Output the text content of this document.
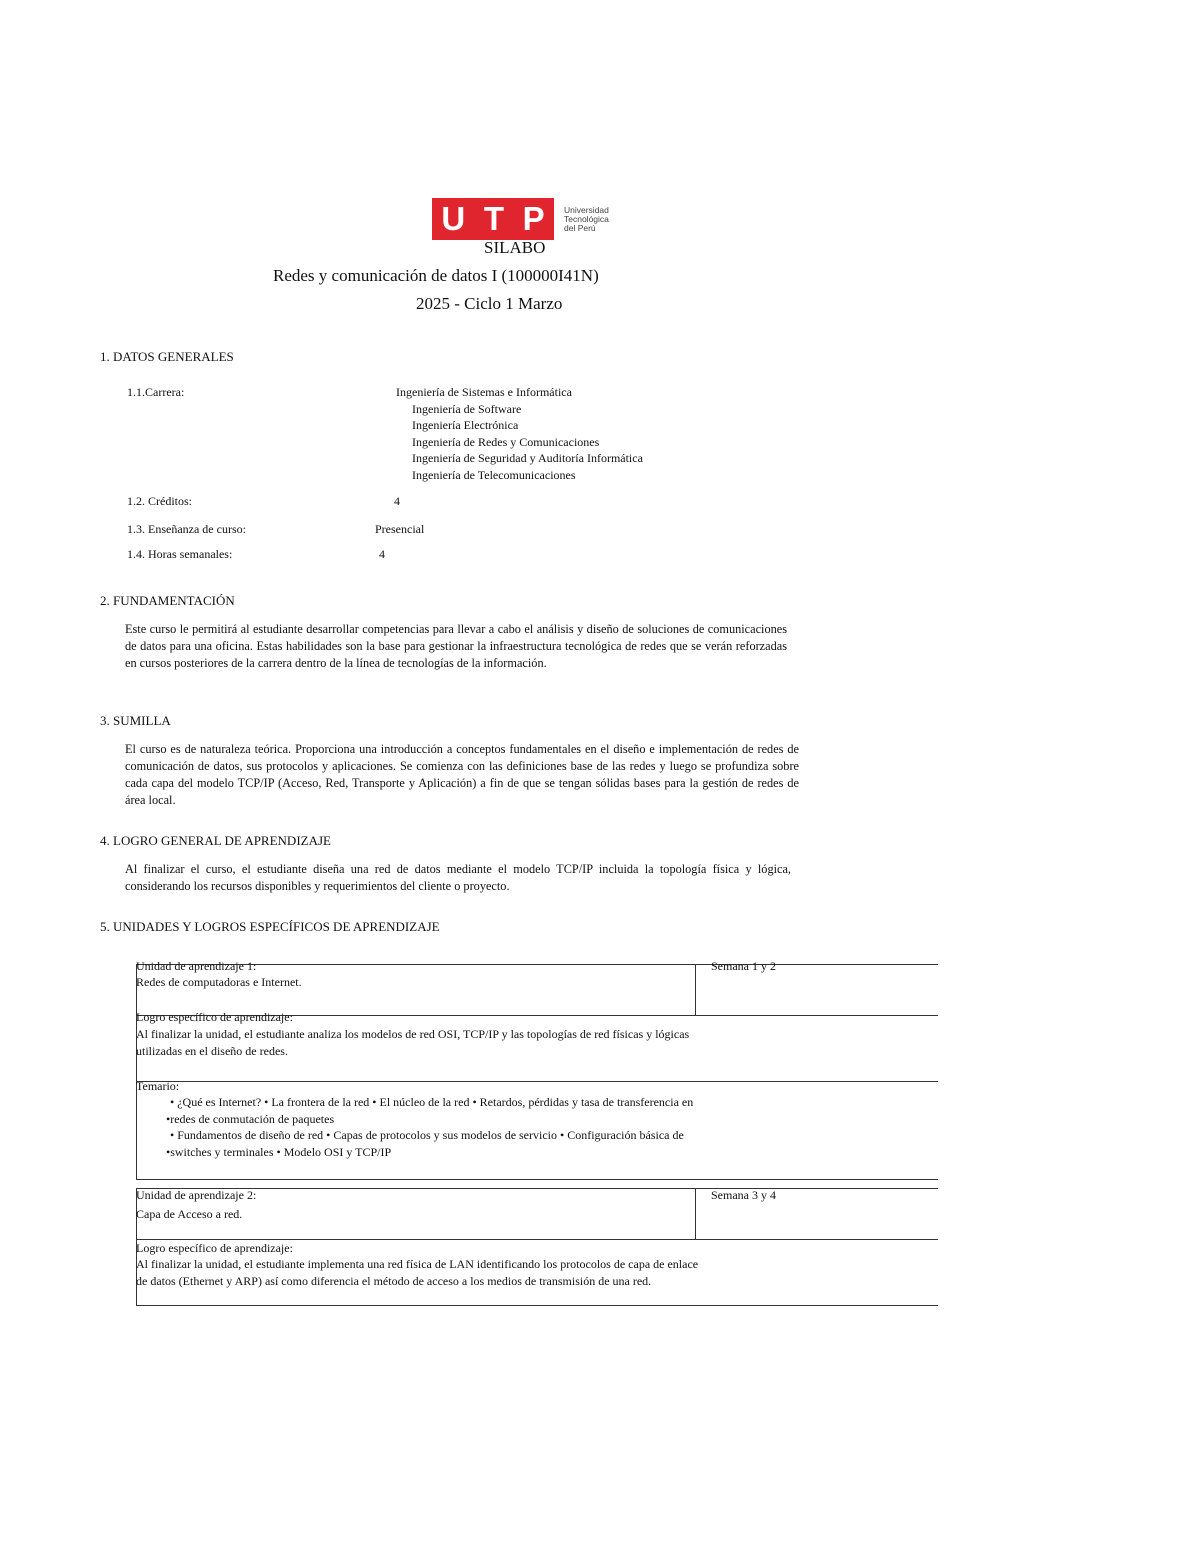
U T P Universidad
Tecnológica
del Perú
SILABO
Redes y comunicación de datos I (100000I41N)
2025 - Ciclo 1 Marzo
1. DATOS GENERALES
1.1.Carrera:	Ingeniería de Sistemas e Informática
Ingeniería de Software
Ingeniería Electrónica
Ingeniería de Redes y Comunicaciones
Ingeniería de Seguridad y Auditoría Informática
Ingeniería de Telecomunicaciones
1.2. Créditos:	4
1.3. Enseñanza de curso:	Presencial
1.4. Horas semanales:	4
2. FUNDAMENTACIÓN
Este curso le permitirá al estudiante desarrollar competencias para llevar a cabo el análisis y diseño de soluciones de comunicaciones de datos para una oficina. Estas habilidades son la base para gestionar la infraestructura tecnológica de redes que se verán reforzadas en cursos posteriores de la carrera dentro de la línea de tecnologías de la información.
3. SUMILLA
El curso es de naturaleza teórica. Proporciona una introducción a conceptos fundamentales en el diseño e implementación de redes de comunicación de datos, sus protocolos y aplicaciones. Se comienza con las definiciones base de las redes y luego se profundiza sobre cada capa del modelo TCP/IP (Acceso, Red, Transporte y Aplicación) a fin de que se tengan sólidas bases para la gestión de redes de área local.
4. LOGRO GENERAL DE APRENDIZAJE
Al finalizar el curso, el estudiante diseña una red de datos mediante el modelo TCP/IP incluida la topología física y lógica, considerando los recursos disponibles y requerimientos del cliente o proyecto.
5. UNIDADES Y LOGROS ESPECÍFICOS DE APRENDIZAJE
Unidad de aprendizaje 1:
Redes de computadoras e Internet.
Semana 1 y 2
Logro específico de aprendizaje:
Al finalizar la unidad, el estudiante analiza los modelos de red OSI, TCP/IP y las topologías de red físicas y lógicas
utilizadas en el diseño de redes.
Temario:
• ¿Qué es Internet? • La frontera de la red • El núcleo de la red • Retardos, pérdidas y tasa de transferencia en
•redes de conmutación de paquetes
• Fundamentos de diseño de red • Capas de protocolos y sus modelos de servicio • Configuración básica de
•switches y terminales • Modelo OSI y TCP/IP
Unidad de aprendizaje 2:
Capa de Acceso a red.
Semana 3 y 4
Logro específico de aprendizaje:
Al finalizar la unidad, el estudiante implementa una red física de LAN identificando los protocolos de capa de enlace
de datos (Ethernet y ARP) así como diferencia el método de acceso a los medios de transmisión de una red.
